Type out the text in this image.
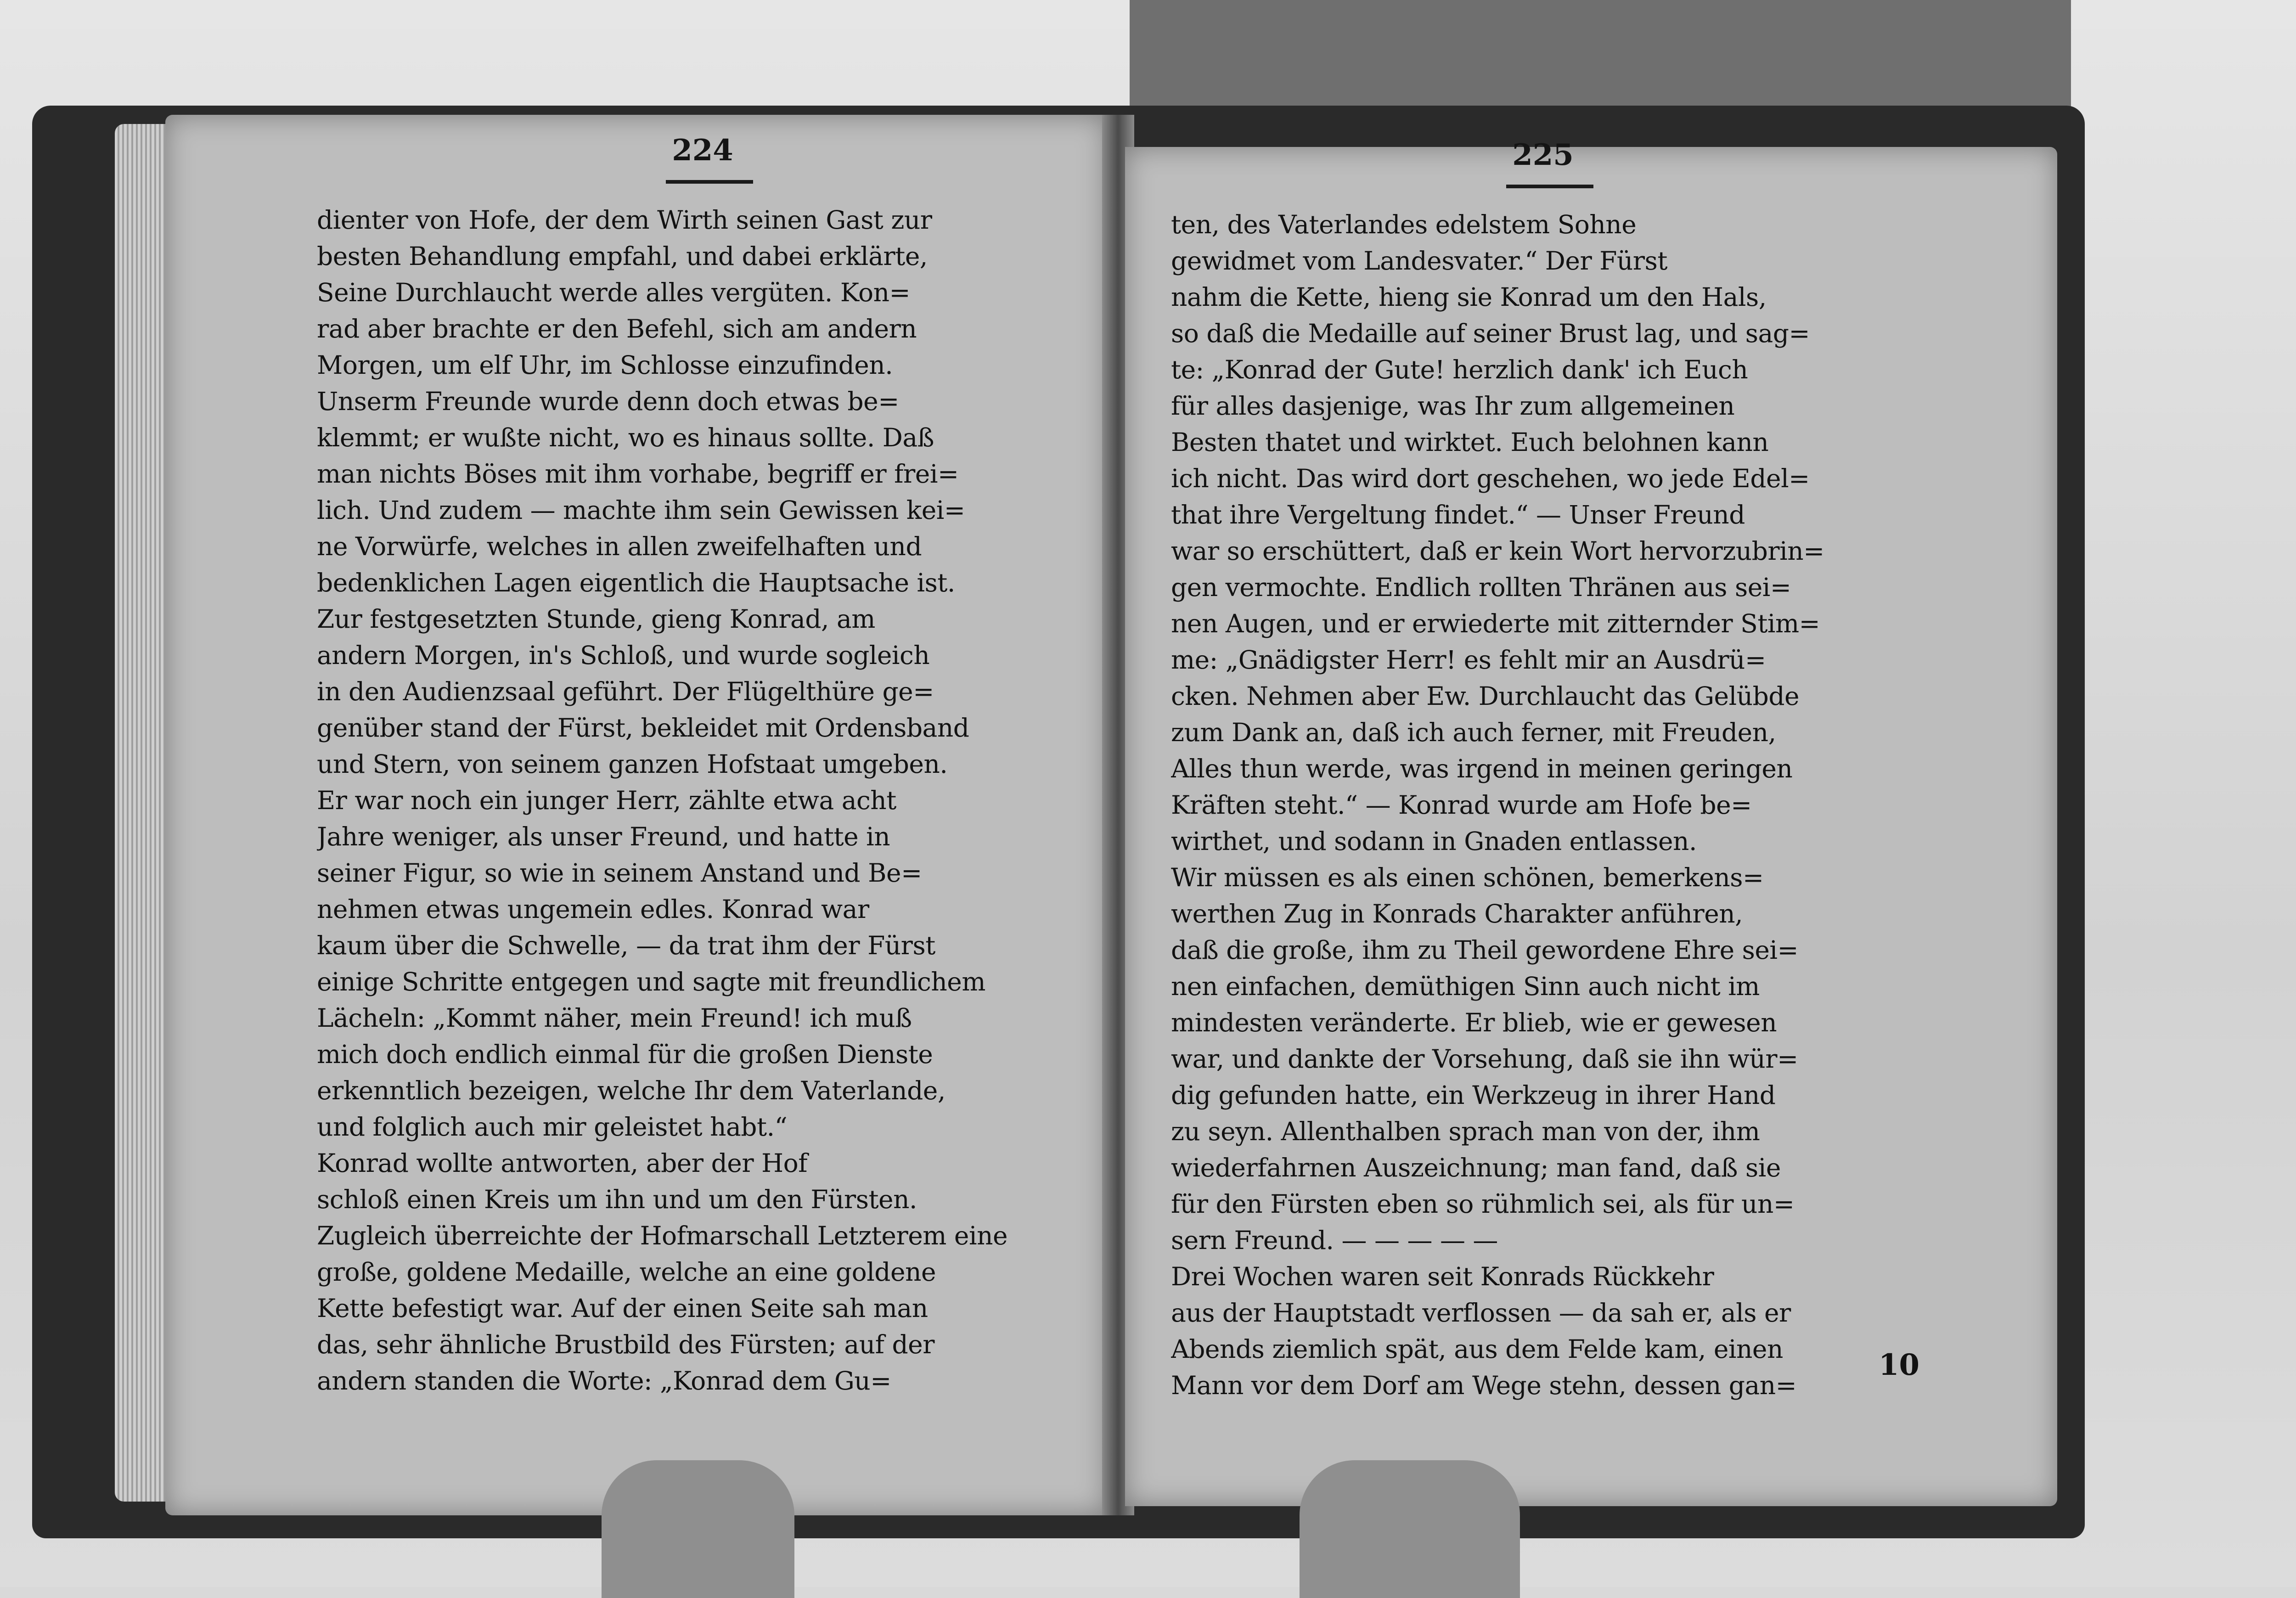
224

dienter von Hofe, der dem Wirth seinen Gast zur

besten Behandlung empfahl, und dabei erklärte,

Seine Durchlaucht werde alles vergüten. Kon=

rad aber brachte er den Befehl, sich am andern

Morgen, um elf Uhr, im Schlosse einzufinden.

Unserm Freunde wurde denn doch etwas be=

klemmt; er wußte nicht, wo es hinaus sollte. Daß

man nichts Böses mit ihm vorhabe, begriff er frei=

lich. Und zudem — machte ihm sein Gewissen kei=

ne Vorwürfe, welches in allen zweifelhaften und

bedenklichen Lagen eigentlich die Hauptsache ist.

Zur festgesetzten Stunde, gieng Konrad, am

andern Morgen, in's Schloß, und wurde sogleich

in den Audienzsaal geführt. Der Flügelthüre ge=

genüber stand der Fürst, bekleidet mit Ordensband

und Stern, von seinem ganzen Hofstaat umgeben.

Er war noch ein junger Herr, zählte etwa acht

Jahre weniger, als unser Freund, und hatte in

seiner Figur, so wie in seinem Anstand und Be=

nehmen etwas ungemein edles. Konrad war

kaum über die Schwelle, — da trat ihm der Fürst

einige Schritte entgegen und sagte mit freundlichem

Lächeln: „Kommt näher, mein Freund! ich muß

mich doch endlich einmal für die großen Dienste

erkenntlich bezeigen, welche Ihr dem Vaterlande,

und folglich auch mir geleistet habt.“

Konrad wollte antworten, aber der Hof

schloß einen Kreis um ihn und um den Fürsten.

Zugleich überreichte der Hofmarschall Letzterem eine

große, goldene Medaille, welche an eine goldene

Kette befestigt war. Auf der einen Seite sah man

das, sehr ähnliche Brustbild des Fürsten; auf der

andern standen die Worte: „Konrad dem Gu=

225

ten, des Vaterlandes edelstem Sohne

gewidmet vom Landesvater.“ Der Fürst

nahm die Kette, hieng sie Konrad um den Hals,

so daß die Medaille auf seiner Brust lag, und sag=

te: „Konrad der Gute! herzlich dank' ich Euch

für alles dasjenige, was Ihr zum allgemeinen

Besten thatet und wirktet. Euch belohnen kann

ich nicht. Das wird dort geschehen, wo jede Edel=

that ihre Vergeltung findet.“ — Unser Freund

war so erschüttert, daß er kein Wort hervorzubrin=

gen vermochte. Endlich rollten Thränen aus sei=

nen Augen, und er erwiederte mit zitternder Stim=

me: „Gnädigster Herr! es fehlt mir an Ausdrü=

cken. Nehmen aber Ew. Durchlaucht das Gelübde

zum Dank an, daß ich auch ferner, mit Freuden,

Alles thun werde, was irgend in meinen geringen

Kräften steht.“ — Konrad wurde am Hofe be=

wirthet, und sodann in Gnaden entlassen.

Wir müssen es als einen schönen, bemerkens=

werthen Zug in Konrads Charakter anführen,

daß die große, ihm zu Theil gewordene Ehre sei=

nen einfachen, demüthigen Sinn auch nicht im

mindesten veränderte. Er blieb, wie er gewesen

war, und dankte der Vorsehung, daß sie ihn wür=

dig gefunden hatte, ein Werkzeug in ihrer Hand

zu seyn. Allenthalben sprach man von der, ihm

wiederfahrnen Auszeichnung; man fand, daß sie

für den Fürsten eben so rühmlich sei, als für un=

sern Freund. — — — — —

Drei Wochen waren seit Konrads Rückkehr

aus der Hauptstadt verflossen — da sah er, als er

Abends ziemlich spät, aus dem Felde kam, einen

Mann vor dem Dorf am Wege stehn, dessen gan=

10
